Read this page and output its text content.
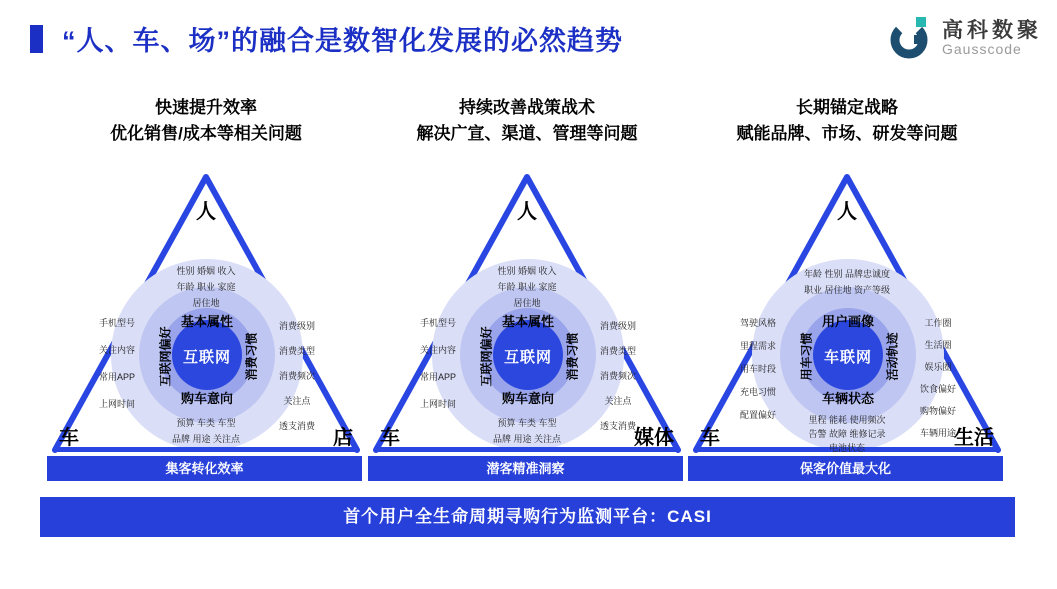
“人、车、场”的融合是数智化发展的必然趋势	高科数聚
Gausscode
快速提升效率
优化销售/成本等相关问题
人
车	店
互联网
基本属性
购车意向
互联网偏好	消费习惯
性别 婚姻 收入
年龄 职业 家庭
居住地
手机型号
关注内容
常用APP
上网时间
消费级别
消费类型
消费频次
关注点
透支消费
预算 车类 车型
品牌 用途 关注点
集客转化效率
持续改善战策战术
解决广宣、渠道、管理等问题
人
车	媒体
互联网
基本属性
购车意向
互联网偏好	消费习惯
性别 婚姻 收入
年龄 职业 家庭
居住地
手机型号
关注内容
常用APP
上网时间
消费级别
消费类型
消费频次
关注点
透支消费
预算 车类 车型
品牌 用途 关注点
潜客精准洞察
长期锚定战略
赋能品牌、市场、研发等问题
人
车	生活
车联网
用户画像
车辆状态
用车习惯	活动轨迹
年龄 性别 品牌忠诚度
职业 居住地 资产等级
驾驶风格
里程需求
用车时段
充电习惯
配置偏好
工作圈
生活圈
娱乐圈
饮食偏好
购物偏好
车辆用途
里程 能耗 使用频次
告警 故障 维修记录
电池状态
保客价值最大化
首个用户全生命周期寻购行为监测平台：CASI
